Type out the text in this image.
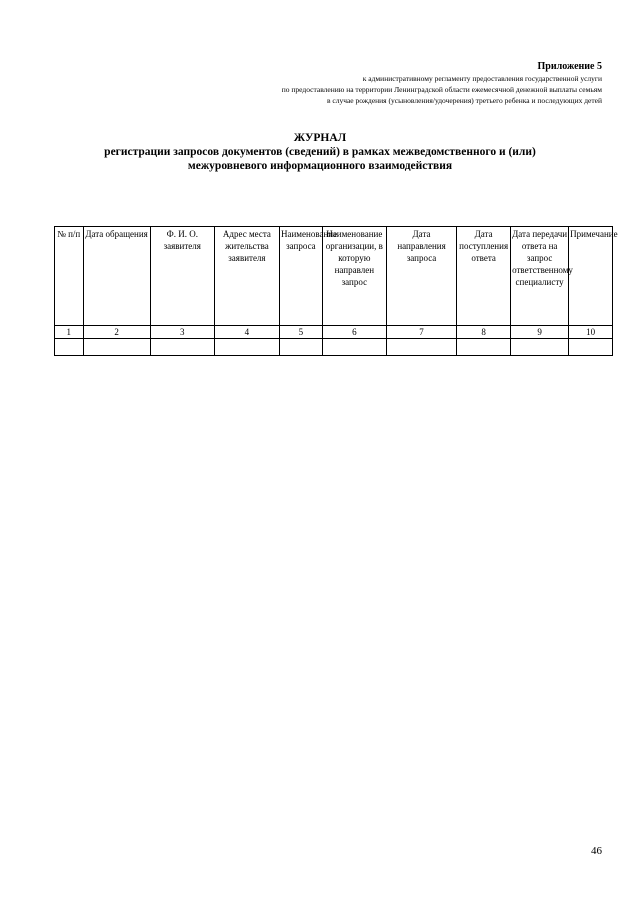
Приложение 5
к административному регламенту предоставления государственной услуги
по предоставлению на территории Ленинградской области ежемесячной денежной выплаты семьям
в случае рождения (усыновления/удочерения) третьего ребенка и последующих детей
ЖУРНАЛ
регистрации запросов документов (сведений) в рамках межведомственного и (или)
межуровневого информационного взаимодействия
№ п/п	Дата обращения	Ф. И. О. заявителя	Адрес места жительства заявителя	Наименование запроса	Наименование организации, в которую направлен запрос	Дата направления запроса	Дата поступления ответа	Дата передачи ответа на запрос ответственному специалисту	Примечание
1	2	3	4	5	6	7	8	9	10

46
